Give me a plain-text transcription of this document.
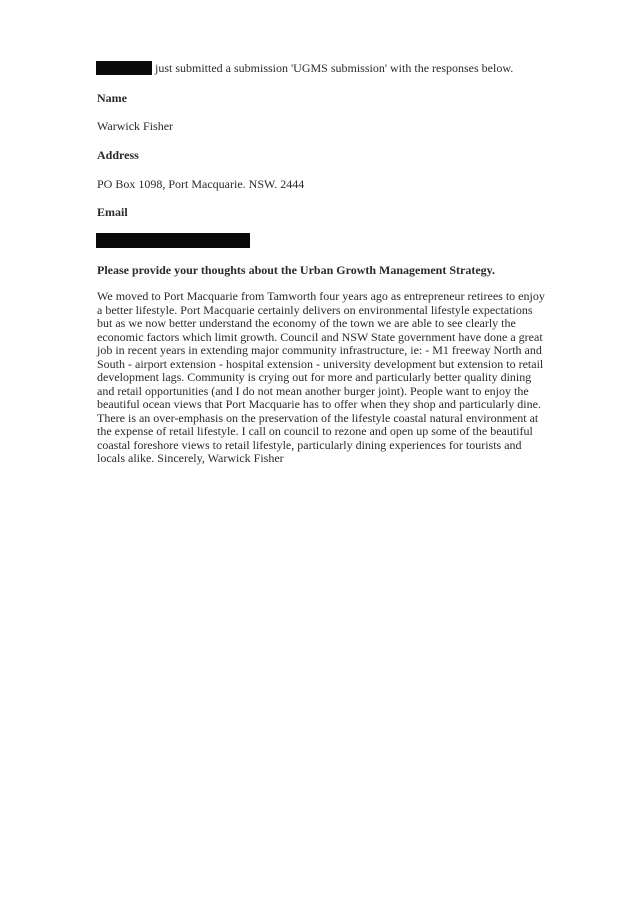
just submitted a submission 'UGMS submission' with the responses below.
Name
Warwick Fisher
Address
PO Box 1098, Port Macquarie. NSW. 2444
Email
Please provide your thoughts about the Urban Growth Management Strategy.
We moved to Port Macquarie from Tamworth four years ago as entrepreneur retirees to enjoy
a better lifestyle. Port Macquarie certainly delivers on environmental lifestyle expectations
but as we now better understand the economy of the town we are able to see clearly the
economic factors which limit growth. Council and NSW State government have done a great
job in recent years in extending major community infrastructure, ie: - M1 freeway North and
South - airport extension - hospital extension - university development but extension to retail
development lags. Community is crying out for more and particularly better quality dining
and retail opportunities (and I do not mean another burger joint). People want to enjoy the
beautiful ocean views that Port Macquarie has to offer when they shop and particularly dine.
There is an over-emphasis on the preservation of the lifestyle coastal natural environment at
the expense of retail lifestyle. I call on council to rezone and open up some of the beautiful
coastal foreshore views to retail lifestyle, particularly dining experiences for tourists and
locals alike. Sincerely, Warwick Fisher
